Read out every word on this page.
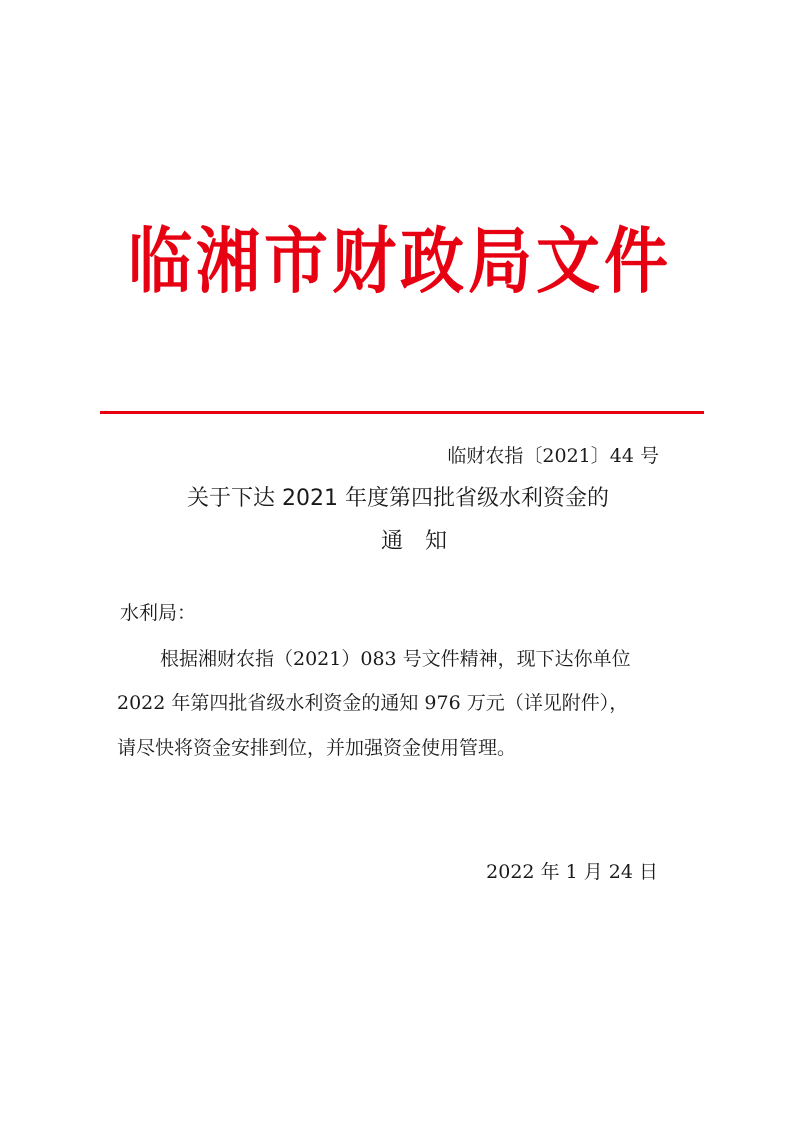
临湘市财政局文件
临财农指〔2021〕44 号
关于下达 2021 年度第四批省级水利资金的
通　知
水利局：
根据湘财农指（2021）083 号文件精神，现下达你单位
2022 年第四批省级水利资金的通知 976 万元（详见附件），
请尽快将资金安排到位，并加强资金使用管理。
2022 年 1 月 24 日
